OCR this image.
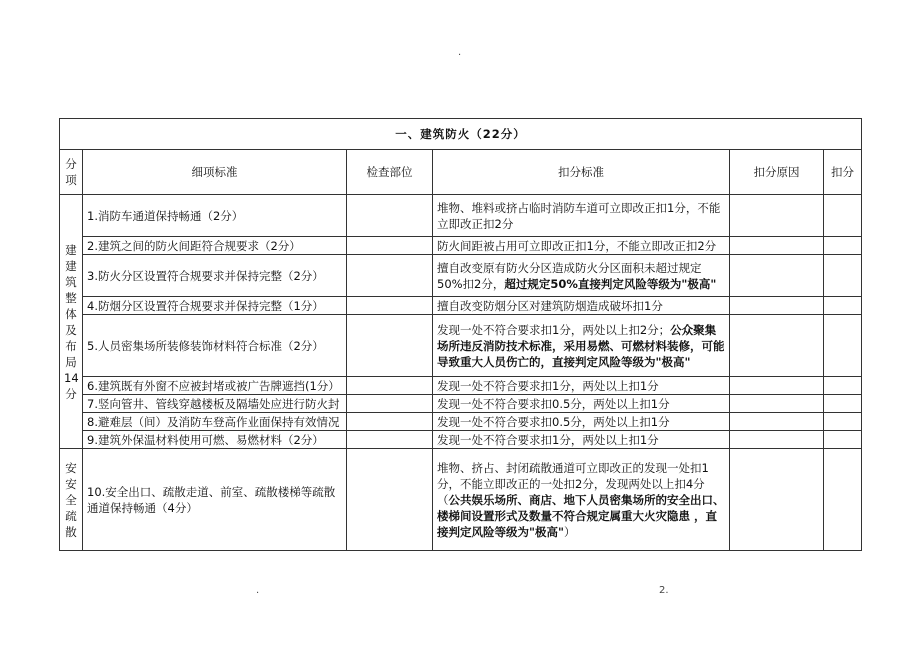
.
.	2.
一、建筑防火（22分）					
分项	细项标准	检查部位	扣分标准	扣分原因	扣分
建建筑整体及布局14分	1.消防车通道保持畅通（2分）		堆物、堆料或挤占临时消防车道可立即改正扣1分，不能立即改正扣2分		
	2.建筑之间的防火间距符合规要求（2分）		防火间距被占用可立即改正扣1分，不能立即改正扣2分		
	3.防火分区设置符合规要求并保持完整（2分）		擅自改变原有防火分区造成防火分区面积未超过规定50%扣2分，超过规定50%直接判定风险等级为"极高"		
	4.防烟分区设置符合规要求并保持完整（1分）		擅自改变防烟分区对建筑防烟造成破坏扣1分		
	5.人员密集场所装修装饰材料符合标准（2分）		发现一处不符合要求扣1分，两处以上扣2分；公众聚集场所违反消防技术标准，采用易燃、可燃材料装修，可能导致重大人员伤亡的，直接判定风险等级为"极高"		
	6.建筑既有外窗不应被封堵或被广告牌遮挡(1分）		发现一处不符合要求扣1分，两处以上扣1分		
	7.竖向管井、管线穿越楼板及隔墙处应进行防火封		发现一处不符合要求扣0.5分，两处以上扣1分		
	8.避难层（间）及消防车登高作业面保持有效情况		发现一处不符合要求扣0.5分，两处以上扣1分		
	9.建筑外保温材料使用可燃、易燃材料（2分）		发现一处不符合要求扣1分，两处以上扣1分		
安安全疏散	10.安全出口、疏散走道、前室、疏散楼梯等疏散通道保持畅通（4分）		堆物、挤占、封闭疏散通道可立即改正的发现一处扣1分，不能立即改正的一处扣2分，发现两处以上扣4分（公共娱乐场所、商店、地下人员密集场所的安全出口、楼梯间设置形式及数量不符合规定属重大火灾隐患 ，直接判定风险等级为"极高"）		
